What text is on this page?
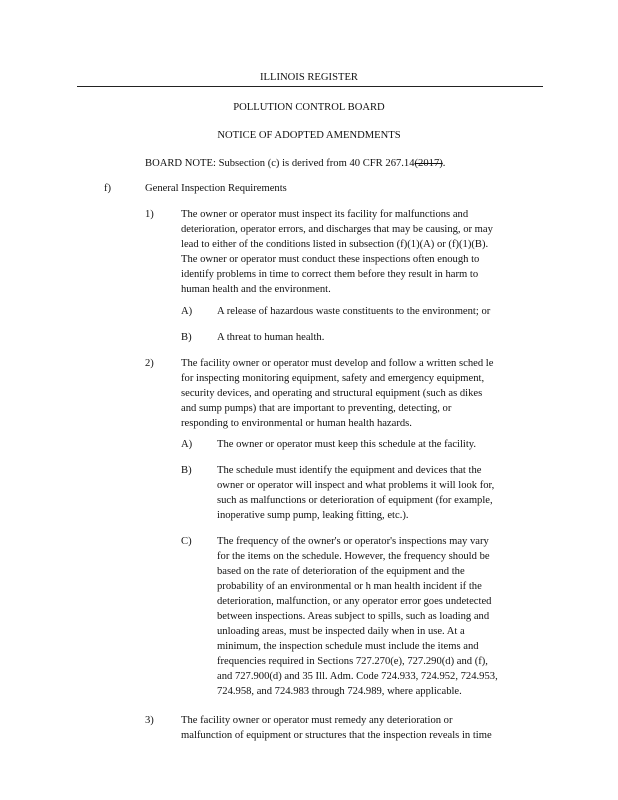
ILLINOIS REGISTER
POLLUTION CONTROL BOARD
NOTICE OF ADOPTED AMENDMENTS
BOARD NOTE: Subsection (c) is derived from 40 CFR 267.14(2017).
f)	General Inspection Requirements
1)	The owner or operator must inspect its facility for malfunctions and
deterioration, operator errors, and discharges that may be causing, or may
lead to either of the conditions listed in subsection (f)(1)(A) or (f)(1)(B).
The owner or operator must conduct these inspections often enough to
identify problems in time to correct them before they result in harm to
human health and the environment.
A) A release of hazardous waste constituents to the environment; or
B) A threat to human health.
2)	The facility owner or operator must develop and follow a written sched le
for inspecting monitoring equipment, safety and emergency equipment,
security devices, and operating and structural equipment (such as dikes
and sump pumps) that are important to preventing, detecting, or
responding to environmental or human health hazards.
A) The owner or operator must keep this schedule at the facility.
B) The schedule must identify the equipment and devices that the
owner or operator will inspect and what problems it will look for,
such as malfunctions or deterioration of equipment (for example,
inoperative sump pump, leaking fitting, etc.).
C) The frequency of the owner's or operator's inspections may vary
for the items on the schedule. However, the frequency should be
based on the rate of deterioration of the equipment and the
probability of an environmental or h man health incident if the
deterioration, malfunction, or any operator error goes undetected
between inspections. Areas subject to spills, such as loading and
unloading areas, must be inspected daily when in use. At a
minimum, the inspection schedule must include the items and
frequencies required in Sections 727.270(e), 727.290(d) and (f),
and 727.900(d) and 35 Ill. Adm. Code 724.933, 724.952, 724.953,
724.958, and 724.983 through 724.989, where applicable.
3)	The facility owner or operator must remedy any deterioration or
malfunction of equipment or structures that the inspection reveals in time
